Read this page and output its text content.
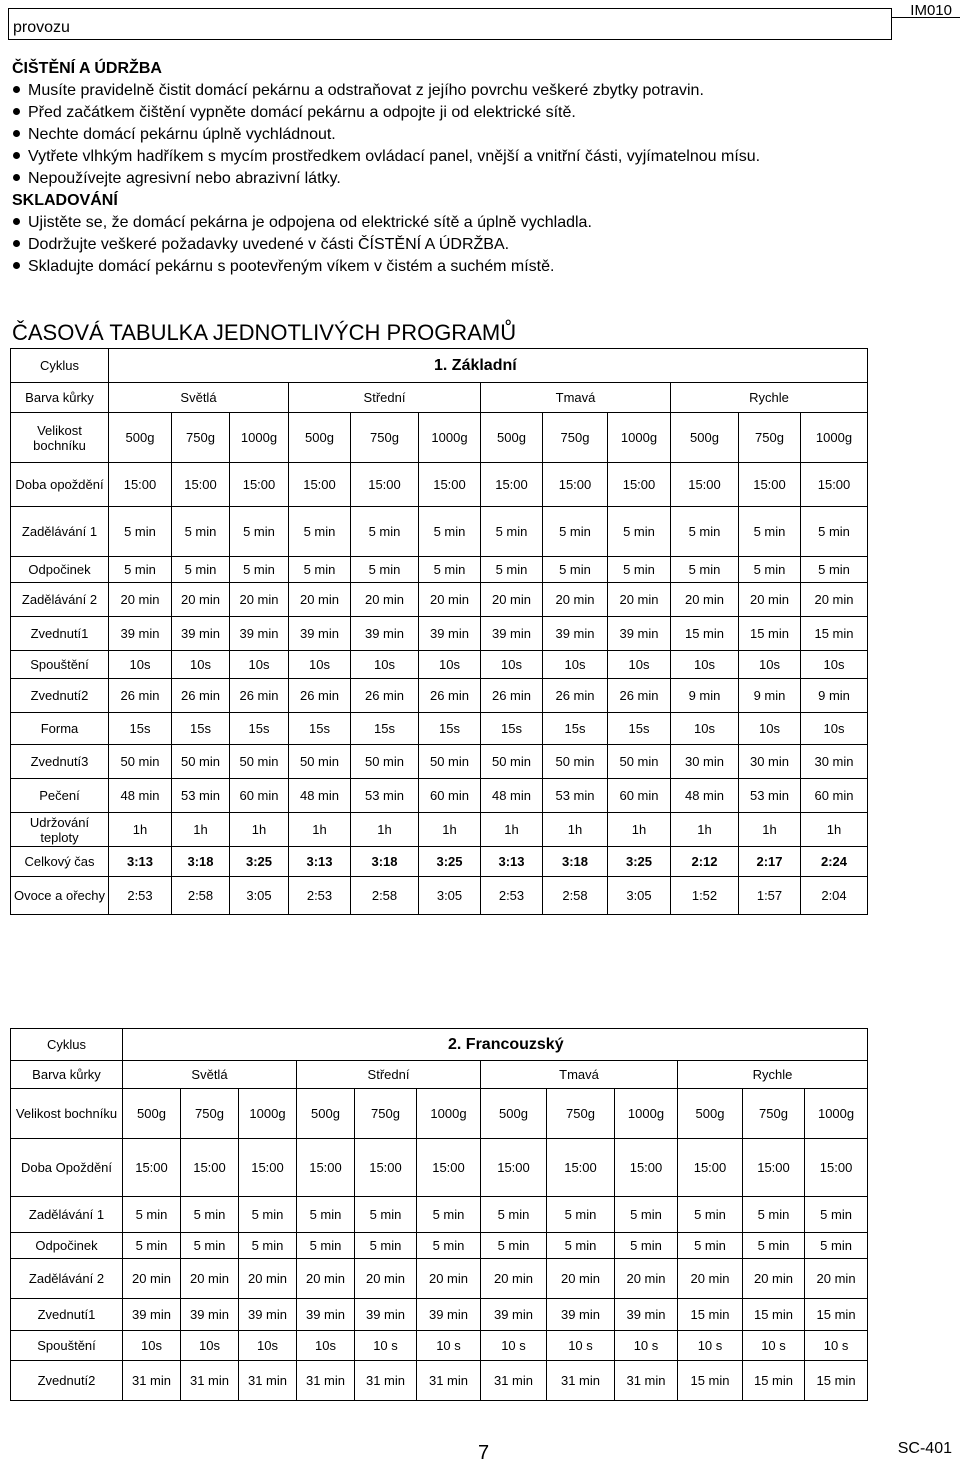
provozu
IM010
ČIŠTĚNÍ A ÚDRŽBA
Musíte pravidelně čistit domácí pekárnu a odstraňovat z jejího povrchu veškeré zbytky potravin.
Před začátkem čištění vypněte domácí pekárnu a odpojte ji od elektrické sítě.
Nechte domácí pekárnu úplně vychládnout.
Vytřete vlhkým hadříkem s mycím prostředkem ovládací panel, vnější a vnitřní části, vyjímatelnou mísu.
Nepoužívejte agresivní nebo abrazivní látky.
SKLADOVÁNÍ
Ujistěte se, že domácí pekárna je odpojena od elektrické sítě a úplně vychladla.
Dodržujte veškeré požadavky uvedené v části ČÍSTĚNÍ A ÚDRŽBA.
Skladujte domácí pekárnu s pootevřeným víkem v čistém a suchém místě.
ČASOVÁ TABULKA JEDNOTLIVÝCH PROGRAMŮ
Cyklus	1. Základní											
Barva kůrky	Světlá			Střední			Tmavá			Rychle		
Velikost bochníku	500g	750g	1000g	500g	750g	1000g	500g	750g	1000g	500g	750g	1000g
Doba opoždění	15:00	15:00	15:00	15:00	15:00	15:00	15:00	15:00	15:00	15:00	15:00	15:00
Zadělávání 1	5 min	5 min	5 min	5 min	5 min	5 min	5 min	5 min	5 min	5 min	5 min	5 min
Odpočinek	5 min	5 min	5 min	5 min	5 min	5 min	5 min	5 min	5 min	5 min	5 min	5 min
Zadělávání 2	20 min	20 min	20 min	20 min	20 min	20 min	20 min	20 min	20 min	20 min	20 min	20 min
Zvednutí1	39 min	39 min	39 min	39 min	39 min	39 min	39 min	39 min	39 min	15 min	15 min	15 min
Spouštění	10s	10s	10s	10s	10s	10s	10s	10s	10s	10s	10s	10s
Zvednutí2	26 min	26 min	26 min	26 min	26 min	26 min	26 min	26 min	26 min	9 min	9 min	9 min
Forma	15s	15s	15s	15s	15s	15s	15s	15s	15s	10s	10s	10s
Zvednutí3	50 min	50 min	50 min	50 min	50 min	50 min	50 min	50 min	50 min	30 min	30 min	30 min
Pečení	48 min	53 min	60 min	48 min	53 min	60 min	48 min	53 min	60 min	48 min	53 min	60 min
Udržování teploty	1h	1h	1h	1h	1h	1h	1h	1h	1h	1h	1h	1h
Celkový čas	3:13	3:18	3:25	3:13	3:18	3:25	3:13	3:18	3:25	2:12	2:17	2:24
Ovoce a ořechy	2:53	2:58	3:05	2:53	2:58	3:05	2:53	2:58	3:05	1:52	1:57	2:04
Cyklus	2. Francouzský											
Barva kůrky	Světlá			Střední			Tmavá			Rychle		
Velikost bochníku	500g	750g	1000g	500g	750g	1000g	500g	750g	1000g	500g	750g	1000g
Doba Opoždění	15:00	15:00	15:00	15:00	15:00	15:00	15:00	15:00	15:00	15:00	15:00	15:00
Zadělávání 1	5 min	5 min	5 min	5 min	5 min	5 min	5 min	5 min	5 min	5 min	5 min	5 min
Odpočinek	5 min	5 min	5 min	5 min	5 min	5 min	5 min	5 min	5 min	5 min	5 min	5 min
Zadělávání 2	20 min	20 min	20 min	20 min	20 min	20 min	20 min	20 min	20 min	20 min	20 min	20 min
Zvednutí1	39 min	39 min	39 min	39 min	39 min	39 min	39 min	39 min	39 min	15 min	15 min	15 min
Spouštění	10s	10s	10s	10s	10 s	10 s	10 s	10 s	10 s	10 s	10 s	10 s
Zvednutí2	31 min	31 min	31 min	31 min	31 min	31 min	31 min	31 min	31 min	15 min	15 min	15 min
7	SC-401
